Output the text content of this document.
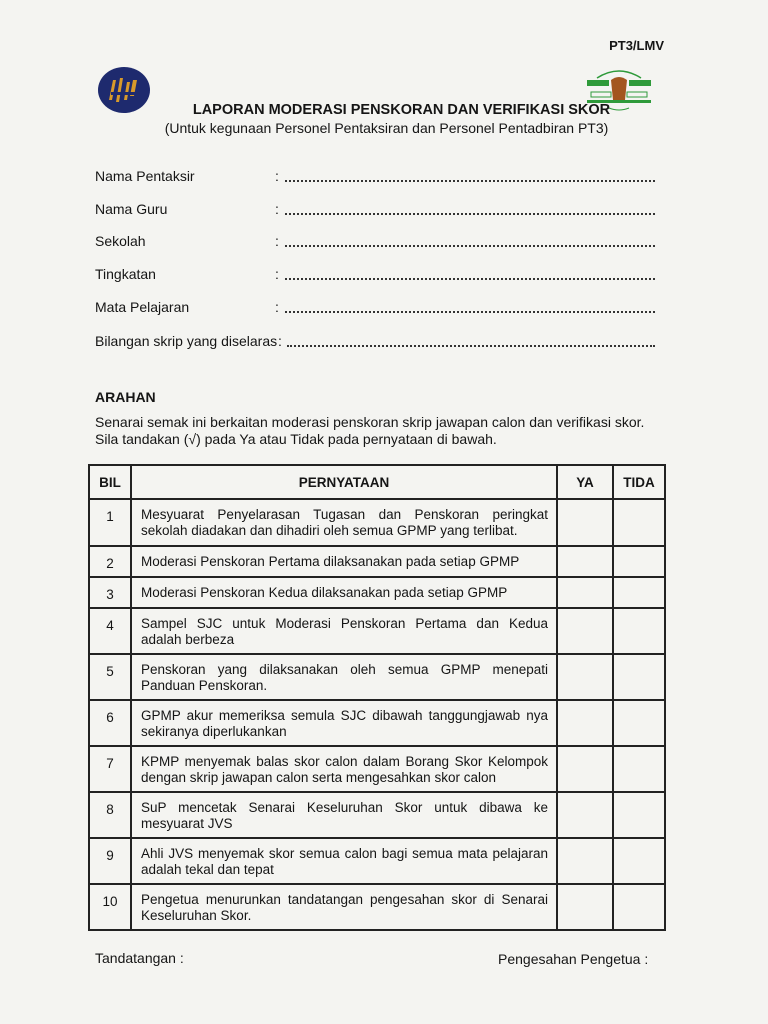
PT3/LMV
LAPORAN MODERASI PENSKORAN DAN VERIFIKASI SKOR
(Untuk kegunaan Personel Pentaksiran dan Personel Pentadbiran PT3)
Nama Pentaksir	:
Nama Guru	:
Sekolah	:
Tingkatan	:
Mata Pelajaran	:
Bilangan skrip yang diselaras :
ARAHAN
Senarai semak ini berkaitan moderasi penskoran skrip jawapan calon dan verifikasi skor.
Sila tandakan (√) pada Ya atau Tidak pada pernyataan di bawah.
BIL	PERNYATAAN	YA	TIDA
1	Mesyuarat Penyelarasan Tugasan dan Penskoran peringkat sekolah diadakan dan dihadiri oleh semua GPMP yang terlibat.		
2	Moderasi Penskoran Pertama dilaksanakan pada setiap GPMP		
3	Moderasi Penskoran Kedua dilaksanakan pada setiap GPMP		
4	Sampel SJC untuk Moderasi Penskoran Pertama dan Kedua adalah berbeza		
5	Penskoran yang dilaksanakan oleh semua GPMP menepati Panduan Penskoran.		
6	GPMP akur memeriksa semula SJC dibawah tanggungjawab nya sekiranya diperlukankan		
7	KPMP menyemak balas skor calon dalam Borang Skor Kelompok dengan skrip jawapan calon serta mengesahkan skor calon		
8	SuP mencetak Senarai Keseluruhan Skor untuk dibawa ke mesyuarat JVS		
9	Ahli JVS menyemak skor semua calon bagi semua mata pelajaran adalah tekal dan tepat		
10	Pengetua menurunkan tandatangan pengesahan skor di Senarai Keseluruhan Skor.		
Tandatangan :	Pengesahan Pengetua :
